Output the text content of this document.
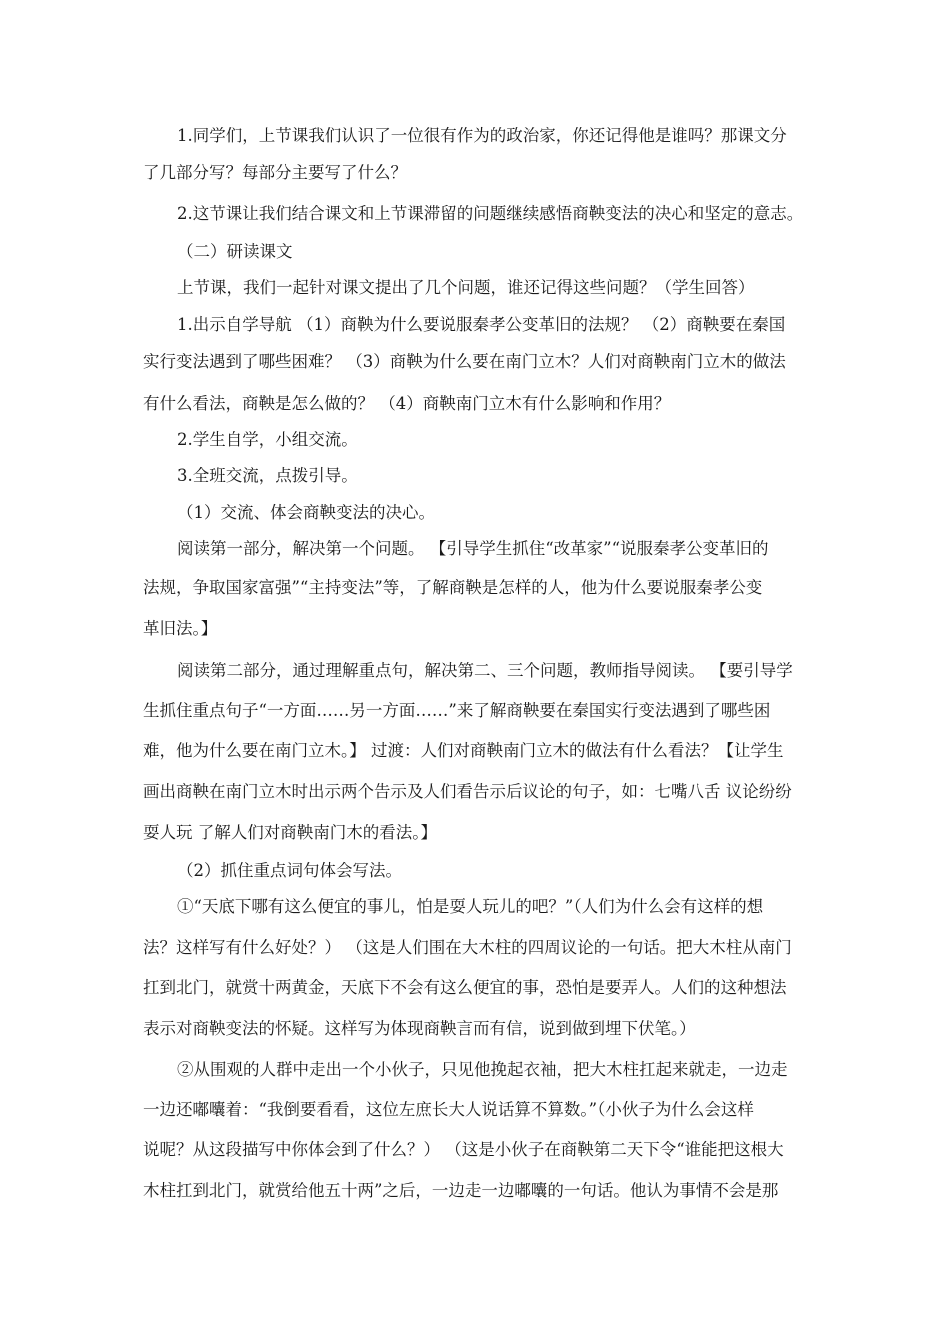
1.同学们，上节课我们认识了一位很有作为的政治家，你还记得他是谁吗？那课文分
了几部分写？每部分主要写了什么？
2.这节课让我们结合课文和上节课滞留的问题继续感悟商鞅变法的决心和坚定的意志。
（二）研读课文
上节课，我们一起针对课文提出了几个问题，谁还记得这些问题？（学生回答）
1.出示自学导航 （1）商鞅为什么要说服秦孝公变革旧的法规？ （2）商鞅要在秦国
实行变法遇到了哪些困难？ （3）商鞅为什么要在南门立木？人们对商鞅南门立木的做法
有什么看法，商鞅是怎么做的？ （4）商鞅南门立木有什么影响和作用？
2.学生自学，小组交流。
3.全班交流，点拨引导。
（1）交流、体会商鞅变法的决心。
阅读第一部分，解决第一个问题。 【引导学生抓住“改革家”“说服秦孝公变革旧的
法规，争取国家富强”“主持变法”等，了解商鞅是怎样的人，他为什么要说服秦孝公变
革旧法。】
阅读第二部分，通过理解重点句，解决第二、三个问题，教师指导阅读。 【要引导学
生抓住重点句子“一方面……另一方面……”来了解商鞅要在秦国实行变法遇到了哪些困
难，他为什么要在南门立木。】 过渡：人们对商鞅南门立木的做法有什么看法？【让学生
画出商鞅在南门立木时出示两个告示及人们看告示后议论的句子，如：七嘴八舌 议论纷纷
耍人玩 了解人们对商鞅南门木的看法。】
（2）抓住重点词句体会写法。
①“天底下哪有这么便宜的事儿，怕是耍人玩儿的吧？”（人们为什么会有这样的想
法？这样写有什么好处？） （这是人们围在大木柱的四周议论的一句话。把大木柱从南门
扛到北门，就赏十两黄金，天底下不会有这么便宜的事，恐怕是要弄人。人们的这种想法
表示对商鞅变法的怀疑。这样写为体现商鞅言而有信，说到做到埋下伏笔。）
②从围观的人群中走出一个小伙子，只见他挽起衣袖，把大木柱扛起来就走，一边走
一边还嘟囔着：“我倒要看看，这位左庶长大人说话算不算数。”（小伙子为什么会这样
说呢？从这段描写中你体会到了什么？） （这是小伙子在商鞅第二天下令“谁能把这根大
木柱扛到北门，就赏给他五十两”之后，一边走一边嘟囔的一句话。他认为事情不会是那
